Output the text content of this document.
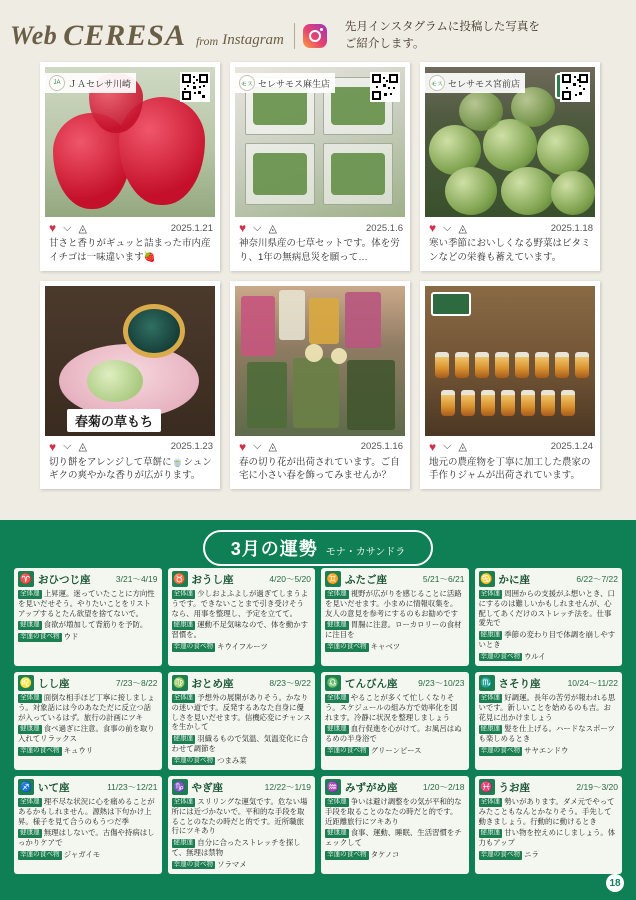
Web CERESA from Instagram
先月インスタグラムに投稿した写真を
ご紹介します。
JA ＪＡセレサ川崎
♥ ⌵ ◬	2025.1.21
甘さと香りがギュッと詰まった市内産イチゴは一味違います🍓
モス セレサモス麻生店
♥ ⌵ ◬	2025.1.6
神奈川県産の七草セットです。体を労り、1年の無病息災を願って…
モス セレサモス宮前店
♥ ⌵ ◬	2025.1.18
寒い季節においしくなる野菜はビタミンなどの栄養も蓄えています。
春菊の草もち
♥ ⌵ ◬	2025.1.23
切り餅をアレンジして草餅に🍵シュンギクの爽やかな香りが広がります。
♥ ⌵ ◬	2025.1.16
春の切り花が出荷されています。ご自宅に小さい春を飾ってみませんか？
♥ ⌵ ◬	2025.1.24
地元の農産物を丁寧に加工した農家の手作りジャムが出荷されています。
3月の運勢 モナ・カサンドラ
♈ おひつじ座	3/21～4/19
全体運 上昇運。迷っていたことに方向性を見いだせそう。やりたいことをリストアップするとたん欲望を捨てないで。
健康運 食欲が増加して背筋りを予防。
幸運の食べ物 ウド
♉ おうし座	4/20～5/20
全体運 少しおよふよしが過ぎてしまうようです。できないことまで引き受けそうなら、用事を整理し、予定を立てて。
健康運 運動不足気味なので、体を動かす習慣を。
幸運の食べ物 キウイフルーツ
♊ ふたご座	5/21～6/21
全体運 視野が広がりを感じることに活路を見いだせます。小まめに情報収集を。友人の意見を参考にするのもお勧めです
健康運 胃腸に注意。ローカロリーの食材に注目を
幸運の食べ物 キャベツ
♋ かに座	6/22～7/22
全体運 周囲からの支援がふ想いとき、口にするのは難しいかもしれませんが、心配してあくだけのストレッチ法を。仕事愛先で
健康運 季節の変わり目で体調を崩しやすいとき
幸運の食べ物 ウルイ
♌ しし座	7/23～8/22
全体運 面倒な相手ほど丁寧に接しましょう。対象話には今のあなただに反立つ話が入っているはず。旅行の計画にツキ
健康運 食べ過ぎに注意。食事の前を取り入れてリラックス
幸運の食べ物 キュウリ
♍ おとめ座	8/23～9/22
全体運 予想外の展開がありそう。かなりの迷い道です。反発するあなた自身に優しさを見いだせます。信機応変にチャンスを生かして
健康運 羽織るもので気温、気温変化に合わせて調節を
幸運の食べ物 つまみ菜
♎ てんびん座 9/23～10/23
全体運 やることが多くて忙しくなりそう。スケジュールの組み方で効率化を図れます。冷静に状況を整理しましょう
健康運 血行促進を心がけて。お風呂はぬるめの半身浴で
幸運の食べ物 グリーンピース
♏ さそり座	10/24～11/22
全体運 好調運。長年の苦労が報われる思いです。新しいことを始めるのも吉。お花見に出かけましょう
健康運 髪を仕上げる。ハードなスポーツも楽しめるとき
幸運の食べ物 サヤエンドウ
♐ いて座	11/23～12/21
全体運 理不尽な状況に心を痛めることがあるかもしれません。源熱は下句かけ上昇。様子を見て合うのもうつだ季
健康運 無理はしないで。古傷や持病はしっかりケアで
幸運の食べ物 ジャガイモ
♑ やぎ座	12/22～1/19
全体運 スリリングな運気です。危ない場所には近づかないで。平和的な手段を取ることのなたの時だと的です。近所職旅行にツキあり
健康運 自分に合ったストレッチを探して、無理は禁物
幸運の食べ物 ソラマメ
♒ みずがめ座	1/20～2/18
全体運 争いは避け調整をの気が平和的な手段を取ることのなたの時だと的です。近距離旅行にツキあり
健康運 食事、運動、睡眠、生活習慣をチェックして
幸運の食べ物 タケノコ
♓ うお座	2/19～3/20
全体運 勢いがあります。ダメ元でやってみたこともなんとかなりそう。手先して動きましょう。行動的に動けるとき
健康運 甘い物を控えめにしましょう。体力もアップ
幸運の食べ物 ニラ
18
